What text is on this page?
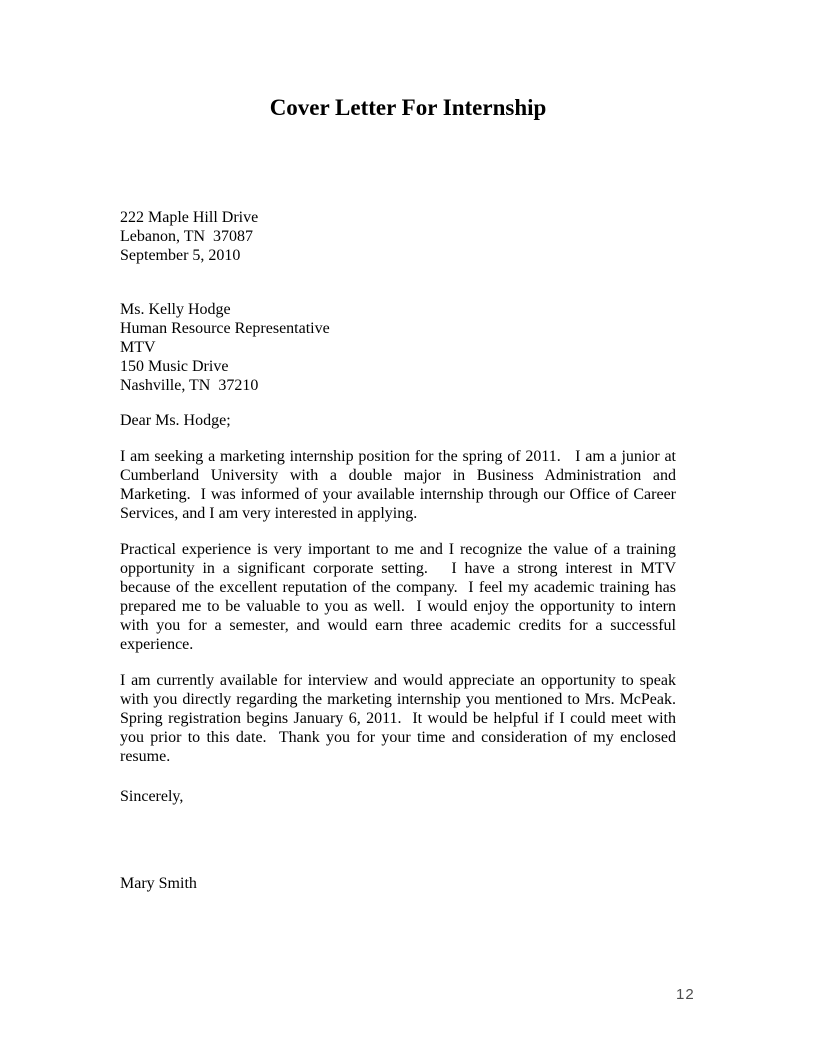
Cover Letter For Internship
222 Maple Hill Drive
Lebanon, TN  37087
September 5, 2010
Ms. Kelly Hodge
Human Resource Representative
MTV
150 Music Drive
Nashville, TN  37210
Dear Ms. Hodge;

I am seeking a marketing internship position for the spring of 2011.   I am a junior at Cumberland University with a double major in Business Administration and Marketing.  I was informed of your available internship through our Office of Career Services, and I am very interested in applying.

Practical experience is very important to me and I recognize the value of a training opportunity in a significant corporate setting.   I have a strong interest in MTV because of the excellent reputation of the company.  I feel my academic training has prepared me to be valuable to you as well.  I would enjoy the opportunity to intern with you for a semester, and would earn three academic credits for a successful experience.

I am currently available for interview and would appreciate an opportunity to speak with you directly regarding the marketing internship you mentioned to Mrs. McPeak.  Spring registration begins January 6, 2011.  It would be helpful if I could meet with you prior to this date.  Thank you for your time and consideration of my enclosed resume.

Sincerely,
Mary Smith
12
